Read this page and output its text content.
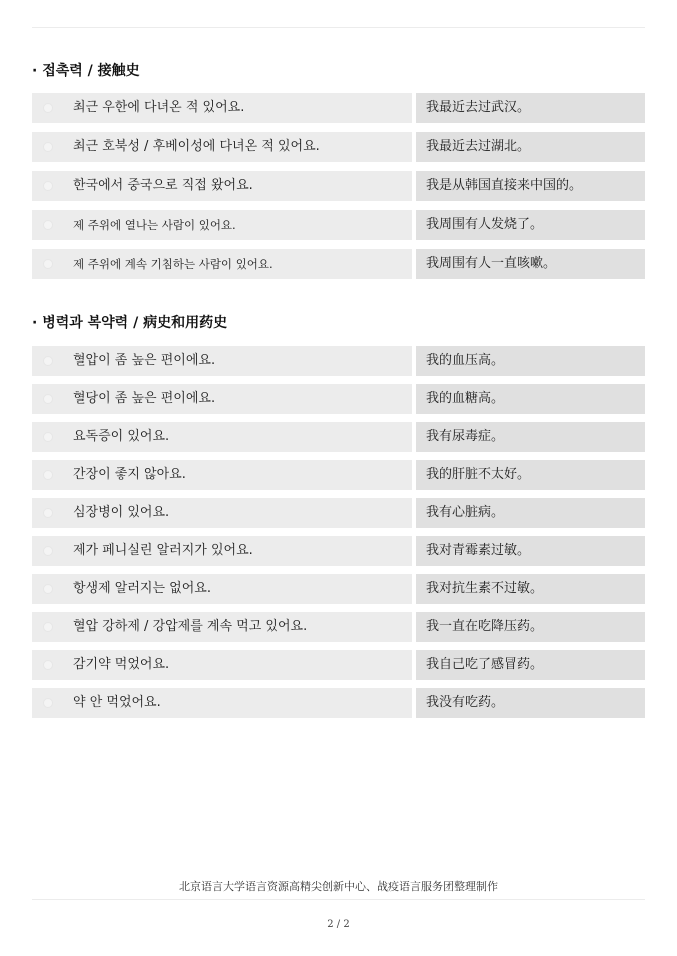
· 접촉력 / 接触史
최근 우한에 다녀온 적 있어요.	我最近去过武汉。
최근 호북성 / 후베이성에 다녀온 적 있어요.	我最近去过湖北。
한국에서 중국으로 직접 왔어요.	我是从韩国直接来中国的。
제 주위에 열나는 사람이 있어요.	我周围有人发烧了。
제 주위에 계속 기침하는 사람이 있어요.	我周围有人一直咳嗽。
· 병력과 복약력 / 病史和用药史
혈압이 좀 높은 편이에요.	我的血压高。
혈당이 좀 높은 편이에요.	我的血糖高。
요독증이 있어요.	我有尿毒症。
간장이 좋지 않아요.	我的肝脏不太好。
심장병이 있어요.	我有心脏病。
제가 페니실린 알러지가 있어요.	我对青霉素过敏。
항생제 알러지는 없어요.	我对抗生素不过敏。
혈압 강하제 / 강압제를 계속 먹고 있어요.	我一直在吃降压药。
감기약 먹었어요.	我自己吃了感冒药。
약 안 먹었어요.	我没有吃药。
北京语言大学语言资源高精尖创新中心、战疫语言服务团整理制作
2 / 2
